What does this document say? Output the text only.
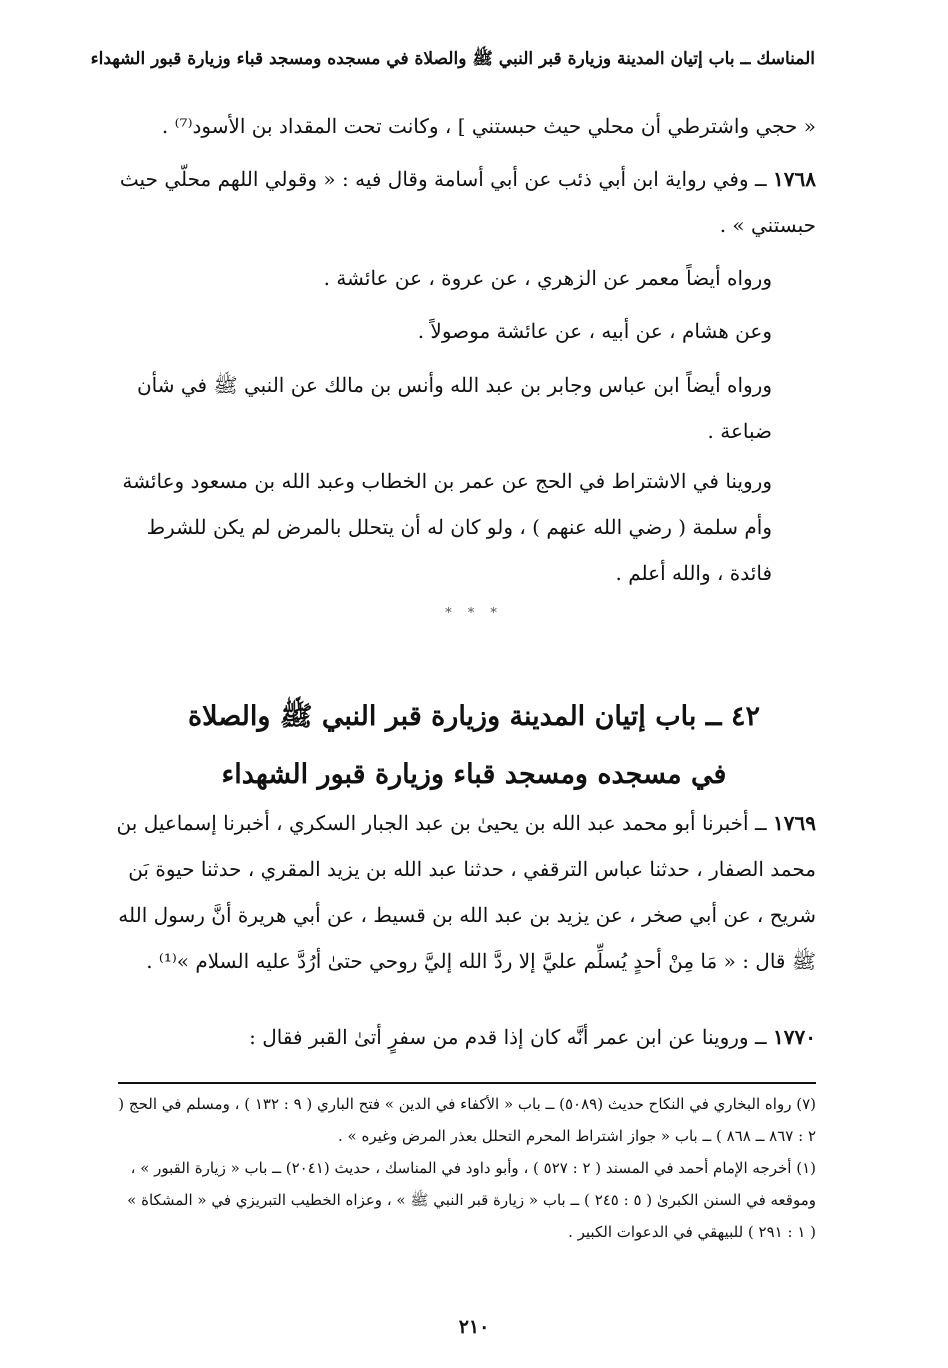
المناسك ــ باب إتيان المدينة وزيارة قبر النبي ﷺ والصلاة في مسجده ومسجد قباء وزيارة قبور الشهداء

« حجي واشترطي أن محلي حيث حبستني ] ، وكانت تحت المقداد بن الأسود⁽⁷⁾ .

١٧٦٨ ــ وفي رواية ابن أبي ذئب عن أبي أسامة وقال فيه : « وقولي اللهم محلّي حيث حبستني » .

ورواه أيضاً معمر عن الزهري ، عن عروة ، عن عائشة .

وعن هشام ، عن أبيه ، عن عائشة موصولاً .

ورواه أيضاً ابن عباس وجابر بن عبد الله وأنس بن مالك عن النبي ﷺ في شأن ضباعة .

وروينا في الاشتراط في الحج عن عمر بن الخطاب وعبد الله بن مسعود وعائشة وأم سلمة ( رضي الله عنهم ) ، ولو كان له أن يتحلل بالمرض لم يكن للشرط فائدة ، والله أعلم .

* * *
٤٢ ــ باب إتيان المدينة وزيارة قبر النبي ﷺ والصلاة
في مسجده ومسجد قباء وزيارة قبور الشهداء

١٧٦٩ ــ أخبرنا أبو محمد عبد الله بن يحيىٰ بن عبد الجبار السكري ، أخبرنا إسماعيل بن محمد الصفار ، حدثنا عباس الترقفي ، حدثنا عبد الله بن يزيد المقري ، حدثنا حيوة بَن شريح ، عن أبي صخر ، عن يزيد بن عبد الله بن قسيط ، عن أبي هريرة أنَّ رسول الله ﷺ قال : « مَا مِنْ أحدٍ يُسلِّم عليَّ إلا ردَّ الله إليَّ روحي حتىٰ أرُدَّ عليه السلام »⁽¹⁾ .

١٧٧٠ ــ وروينا عن ابن عمر أنَّه كان إذا قدم من سفرٍ أتىٰ القبر فقال :

(٧) رواه البخاري في النكاح حديث (٥٠٨٩) ــ باب « الأكفاء في الدين » فتح الباري ( ٩ : ١٣٢ ) ، ومسلم في الحج ( ٢ : ٨٦٧ ــ ٨٦٨ ) ــ باب « جواز اشتراط المحرم التحلل بعذر المرض وغيره » .

(١) أخرجه الإمام أحمد في المسند ( ٢ : ٥٢٧ ) ، وأبو داود في المناسك ، حديث (٢٠٤١) ــ باب « زيارة القبور » ، وموقعه في السنن الكبرىٰ ( ٥ : ٢٤٥ ) ــ باب « زيارة قبر النبي ﷺ » ، وعزاه الخطيب التبريزي في « المشكاة » ( ١ : ٢٩١ ) للبيهقي في الدعوات الكبير .

٢١٠
